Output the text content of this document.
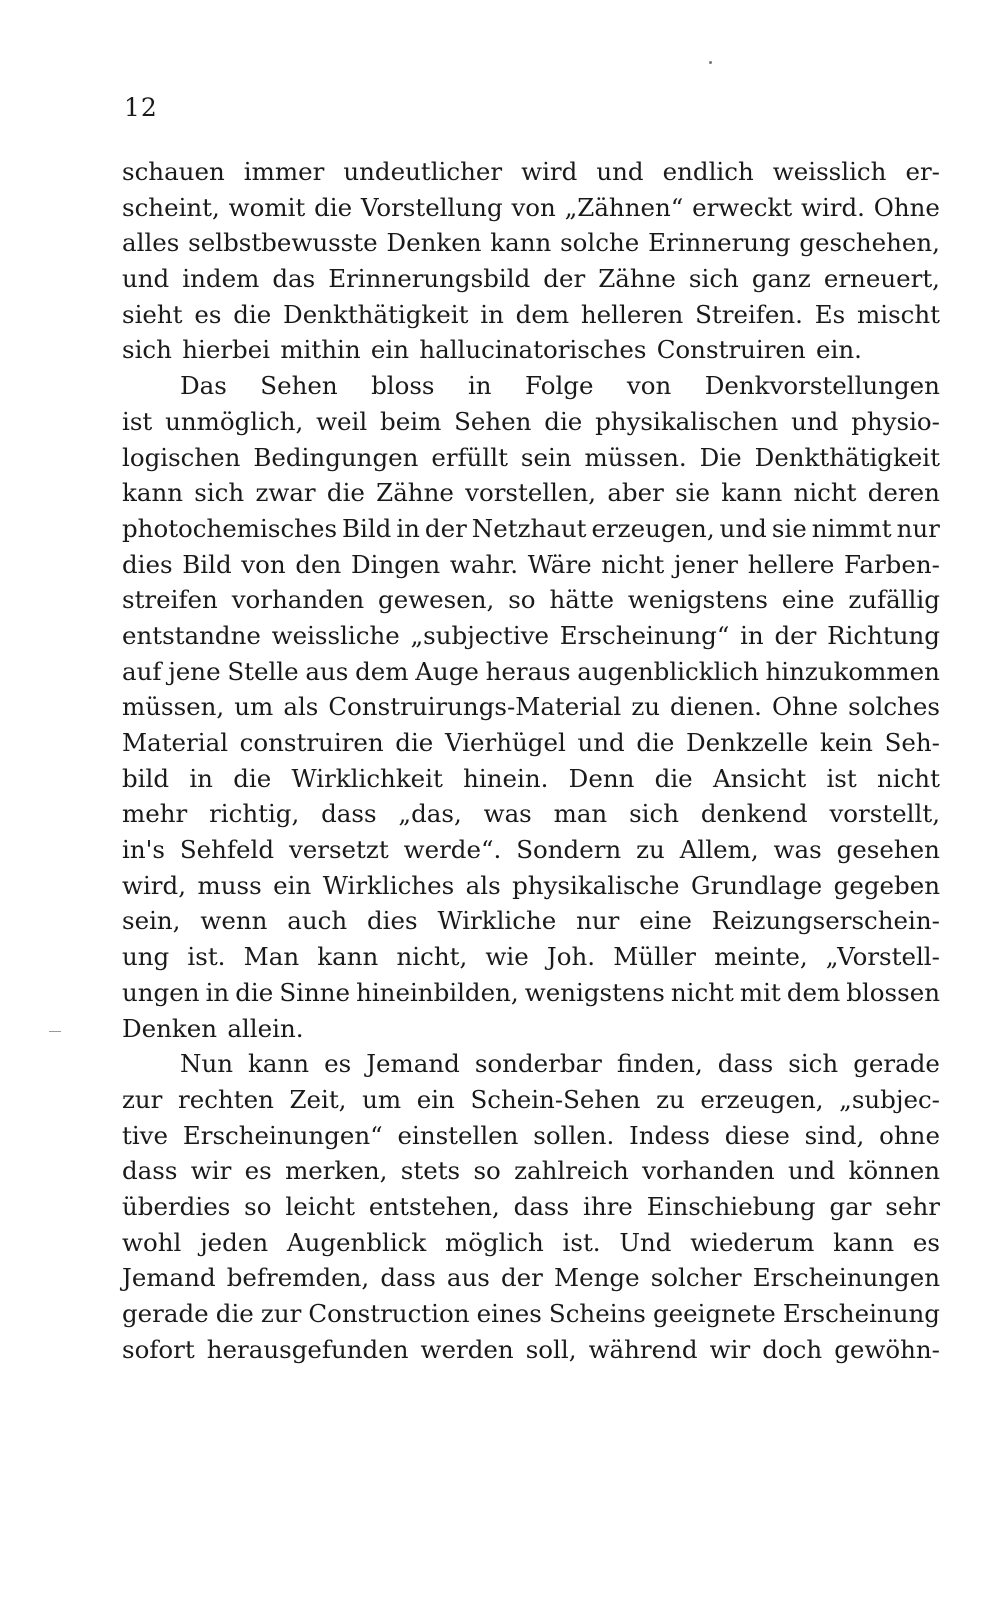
12
schauen immer undeutlicher wird und endlich weisslich er-
scheint, womit die Vorstellung von „Zähnen“ erweckt wird. Ohne
alles selbstbewusste Denken kann solche Erinnerung geschehen,
und indem das Erinnerungsbild der Zähne sich ganz erneuert,
sieht es die Denkthätigkeit in dem helleren Streifen. Es mischt
sich hierbei mithin ein hallucinatorisches Construiren ein.
Das Sehen bloss in Folge von Denkvorstellungen
ist unmöglich, weil beim Sehen die physikalischen und physio-
logischen Bedingungen erfüllt sein müssen. Die Denkthätigkeit
kann sich zwar die Zähne vorstellen, aber sie kann nicht deren
photochemisches Bild in der Netzhaut erzeugen, und sie nimmt nur
dies Bild von den Dingen wahr. Wäre nicht jener hellere Farben-
streifen vorhanden gewesen, so hätte wenigstens eine zufällig
entstandne weissliche „subjective Erscheinung“ in der Richtung
auf jene Stelle aus dem Auge heraus augenblicklich hinzukommen
müssen, um als Construirungs-Material zu dienen. Ohne solches
Material construiren die Vierhügel und die Denkzelle kein Seh-
bild in die Wirklichkeit hinein. Denn die Ansicht ist nicht
mehr richtig, dass „das, was man sich denkend vorstellt,
in's Sehfeld versetzt werde“. Sondern zu Allem, was gesehen
wird, muss ein Wirkliches als physikalische Grundlage gegeben
sein, wenn auch dies Wirkliche nur eine Reizungserschein-
ung ist. Man kann nicht, wie Joh. Müller meinte, „Vorstell-
ungen in die Sinne hineinbilden, wenigstens nicht mit dem blossen
Denken allein.
Nun kann es Jemand sonderbar finden, dass sich gerade
zur rechten Zeit, um ein Schein-Sehen zu erzeugen, „subjec-
tive Erscheinungen“ einstellen sollen. Indess diese sind, ohne
dass wir es merken, stets so zahlreich vorhanden und können
überdies so leicht entstehen, dass ihre Einschiebung gar sehr
wohl jeden Augenblick möglich ist. Und wiederum kann es
Jemand befremden, dass aus der Menge solcher Erscheinungen
gerade die zur Construction eines Scheins geeignete Erscheinung
sofort herausgefunden werden soll, während wir doch gewöhn-
